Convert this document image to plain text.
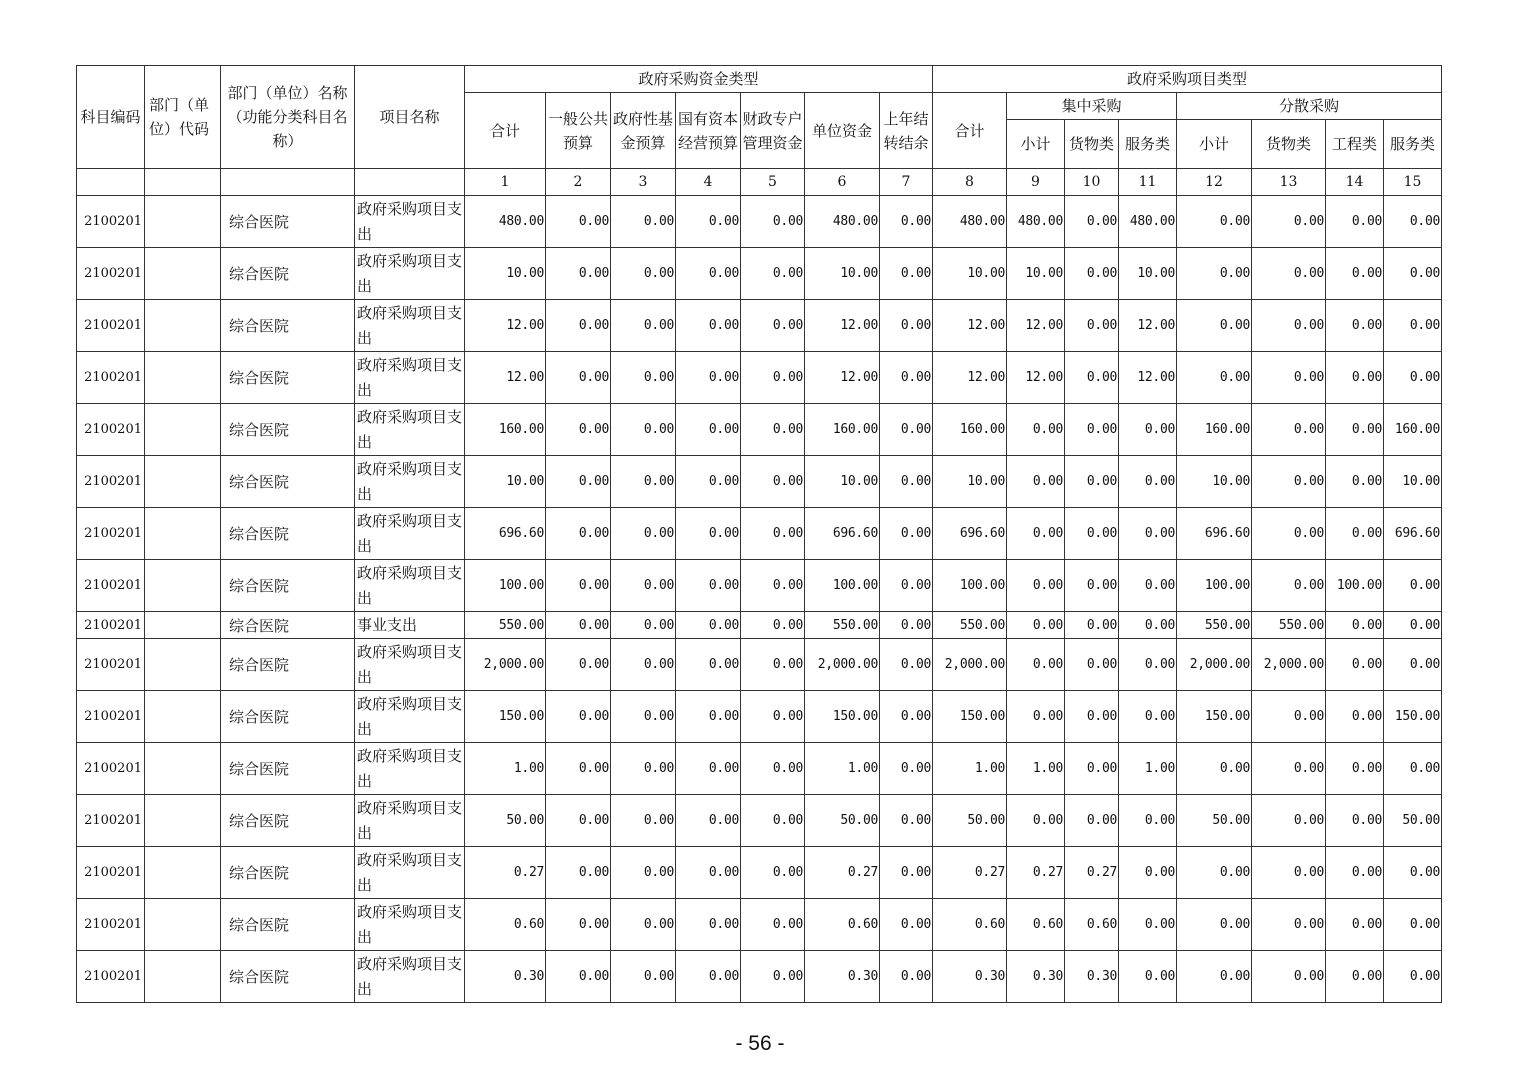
科目编码	部门（单位）代码	部门（单位）名称（功能分类科目名称）	项目名称	政府采购资金类型							政府采购项目类型							
				合计	一般公共预算	政府性基金预算	国有资本经营预算	财政专户管理资金	单位资金	上年结转结余	合计	集中采购			分散采购			
												小计	货物类	服务类	小计	货物类	工程类	服务类
				1	2	3	4	5	6	7	8	9	10	11	12	13	14	15
2100201		综合医院	政府采购项目支出	480.00	0.00	0.00	0.00	0.00	480.00	0.00	480.00	480.00	0.00	480.00	0.00	0.00	0.00	0.00
2100201		综合医院	政府采购项目支出	10.00	0.00	0.00	0.00	0.00	10.00	0.00	10.00	10.00	0.00	10.00	0.00	0.00	0.00	0.00
2100201		综合医院	政府采购项目支出	12.00	0.00	0.00	0.00	0.00	12.00	0.00	12.00	12.00	0.00	12.00	0.00	0.00	0.00	0.00
2100201		综合医院	政府采购项目支出	12.00	0.00	0.00	0.00	0.00	12.00	0.00	12.00	12.00	0.00	12.00	0.00	0.00	0.00	0.00
2100201		综合医院	政府采购项目支出	160.00	0.00	0.00	0.00	0.00	160.00	0.00	160.00	0.00	0.00	0.00	160.00	0.00	0.00	160.00
2100201		综合医院	政府采购项目支出	10.00	0.00	0.00	0.00	0.00	10.00	0.00	10.00	0.00	0.00	0.00	10.00	0.00	0.00	10.00
2100201		综合医院	政府采购项目支出	696.60	0.00	0.00	0.00	0.00	696.60	0.00	696.60	0.00	0.00	0.00	696.60	0.00	0.00	696.60
2100201		综合医院	政府采购项目支出	100.00	0.00	0.00	0.00	0.00	100.00	0.00	100.00	0.00	0.00	0.00	100.00	0.00	100.00	0.00
2100201		综合医院	事业支出	550.00	0.00	0.00	0.00	0.00	550.00	0.00	550.00	0.00	0.00	0.00	550.00	550.00	0.00	0.00
2100201		综合医院	政府采购项目支出	2,000.00	0.00	0.00	0.00	0.00	2,000.00	0.00	2,000.00	0.00	0.00	0.00	2,000.00	2,000.00	0.00	0.00
2100201		综合医院	政府采购项目支出	150.00	0.00	0.00	0.00	0.00	150.00	0.00	150.00	0.00	0.00	0.00	150.00	0.00	0.00	150.00
2100201		综合医院	政府采购项目支出	1.00	0.00	0.00	0.00	0.00	1.00	0.00	1.00	1.00	0.00	1.00	0.00	0.00	0.00	0.00
2100201		综合医院	政府采购项目支出	50.00	0.00	0.00	0.00	0.00	50.00	0.00	50.00	0.00	0.00	0.00	50.00	0.00	0.00	50.00
2100201		综合医院	政府采购项目支出	0.27	0.00	0.00	0.00	0.00	0.27	0.00	0.27	0.27	0.27	0.00	0.00	0.00	0.00	0.00
2100201		综合医院	政府采购项目支出	0.60	0.00	0.00	0.00	0.00	0.60	0.00	0.60	0.60	0.60	0.00	0.00	0.00	0.00	0.00
2100201		综合医院	政府采购项目支出	0.30	0.00	0.00	0.00	0.00	0.30	0.00	0.30	0.30	0.30	0.00	0.00	0.00	0.00	0.00
- 56 -
